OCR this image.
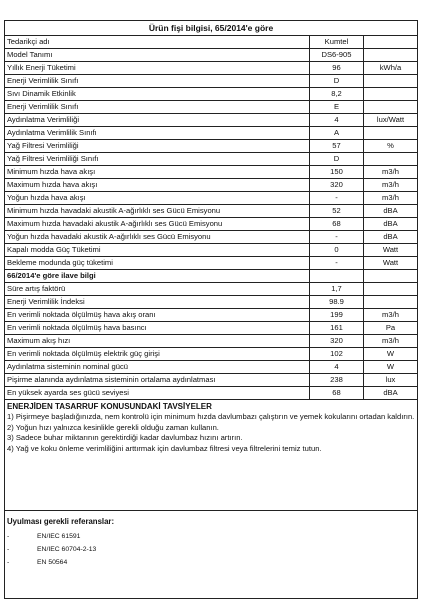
Ürün fişi bilgisi, 65/2014'e göre
Tedarikçi adı	Kumtel
Model Tanımı	DS6-905
Yıllık Enerji Tüketimi	96	kWh/a
Enerji Verimlilik Sınıfı	D
Sıvı Dinamik Etkinlik	8,2
Enerji Verimlilik Sınıfı	E
Aydınlatma Verimliliği	4	lux/Watt
Aydınlatma Verimlilik Sınıfı	A
Yağ Filtresi Verimliliği	57	%
Yağ Filtresi Verimliliği Sınıfı	D
Minimum hızda hava akışı	150	m3/h
Maximum hızda hava akışı	320	m3/h
Yoğun hızda hava akışı	-	m3/h
Minimum hızda havadaki akustik A-ağırlıklı ses Gücü Emisyonu	52	dBA
Maximum hızda havadaki akustik A-ağırlıklı ses Gücü Emisyonu	68	dBA
Yoğun hızda havadaki akustik A-ağırlıklı ses Gücü Emisyonu	-	dBA
Kapalı modda Güç Tüketimi	0	Watt
Bekleme modunda güç tüketimi	-	Watt
66/2014'e göre ilave bilgi
Süre artış faktörü	1,7
Enerji Verimlilik İndeksi	98.9
En verimli noktada ölçülmüş hava akış oranı	199	m3/h
En verimli noktada ölçülmüş hava basıncı	161	Pa
Maximum akış hızı	320	m3/h
En verimli noktada ölçülmüş elektrik güç girişi	102	W
Aydınlatma sisteminin nominal gücü	4	W
Pişirme alanında aydınlatma sisteminin ortalama aydınlatması	238	lux
En yüksek ayarda ses gücü seviyesi	68	dBA
ENERJİDEN TASARRUF KONUSUNDAKİ TAVSİYELER
1) Pişirmeye başladığınızda, nem kontrolü için minimum hızda davlumbazı çalıştırın ve yemek kokularını ortadan kaldırın.
2) Yoğun hızı yalnızca kesinlikle gerekli olduğu zaman kullanın.
3) Sadece buhar miktarının gerektirdiği kadar davlumbaz hızını artırın.
4) Yağ ve koku önleme verimliliğini arttırmak için davlumbaz filtresi veya filtrelerini temiz tutun.
Uyulması gerekli referanslar:
-	EN/IEC 61591
-	EN/IEC 60704-2-13
-	EN 50564
